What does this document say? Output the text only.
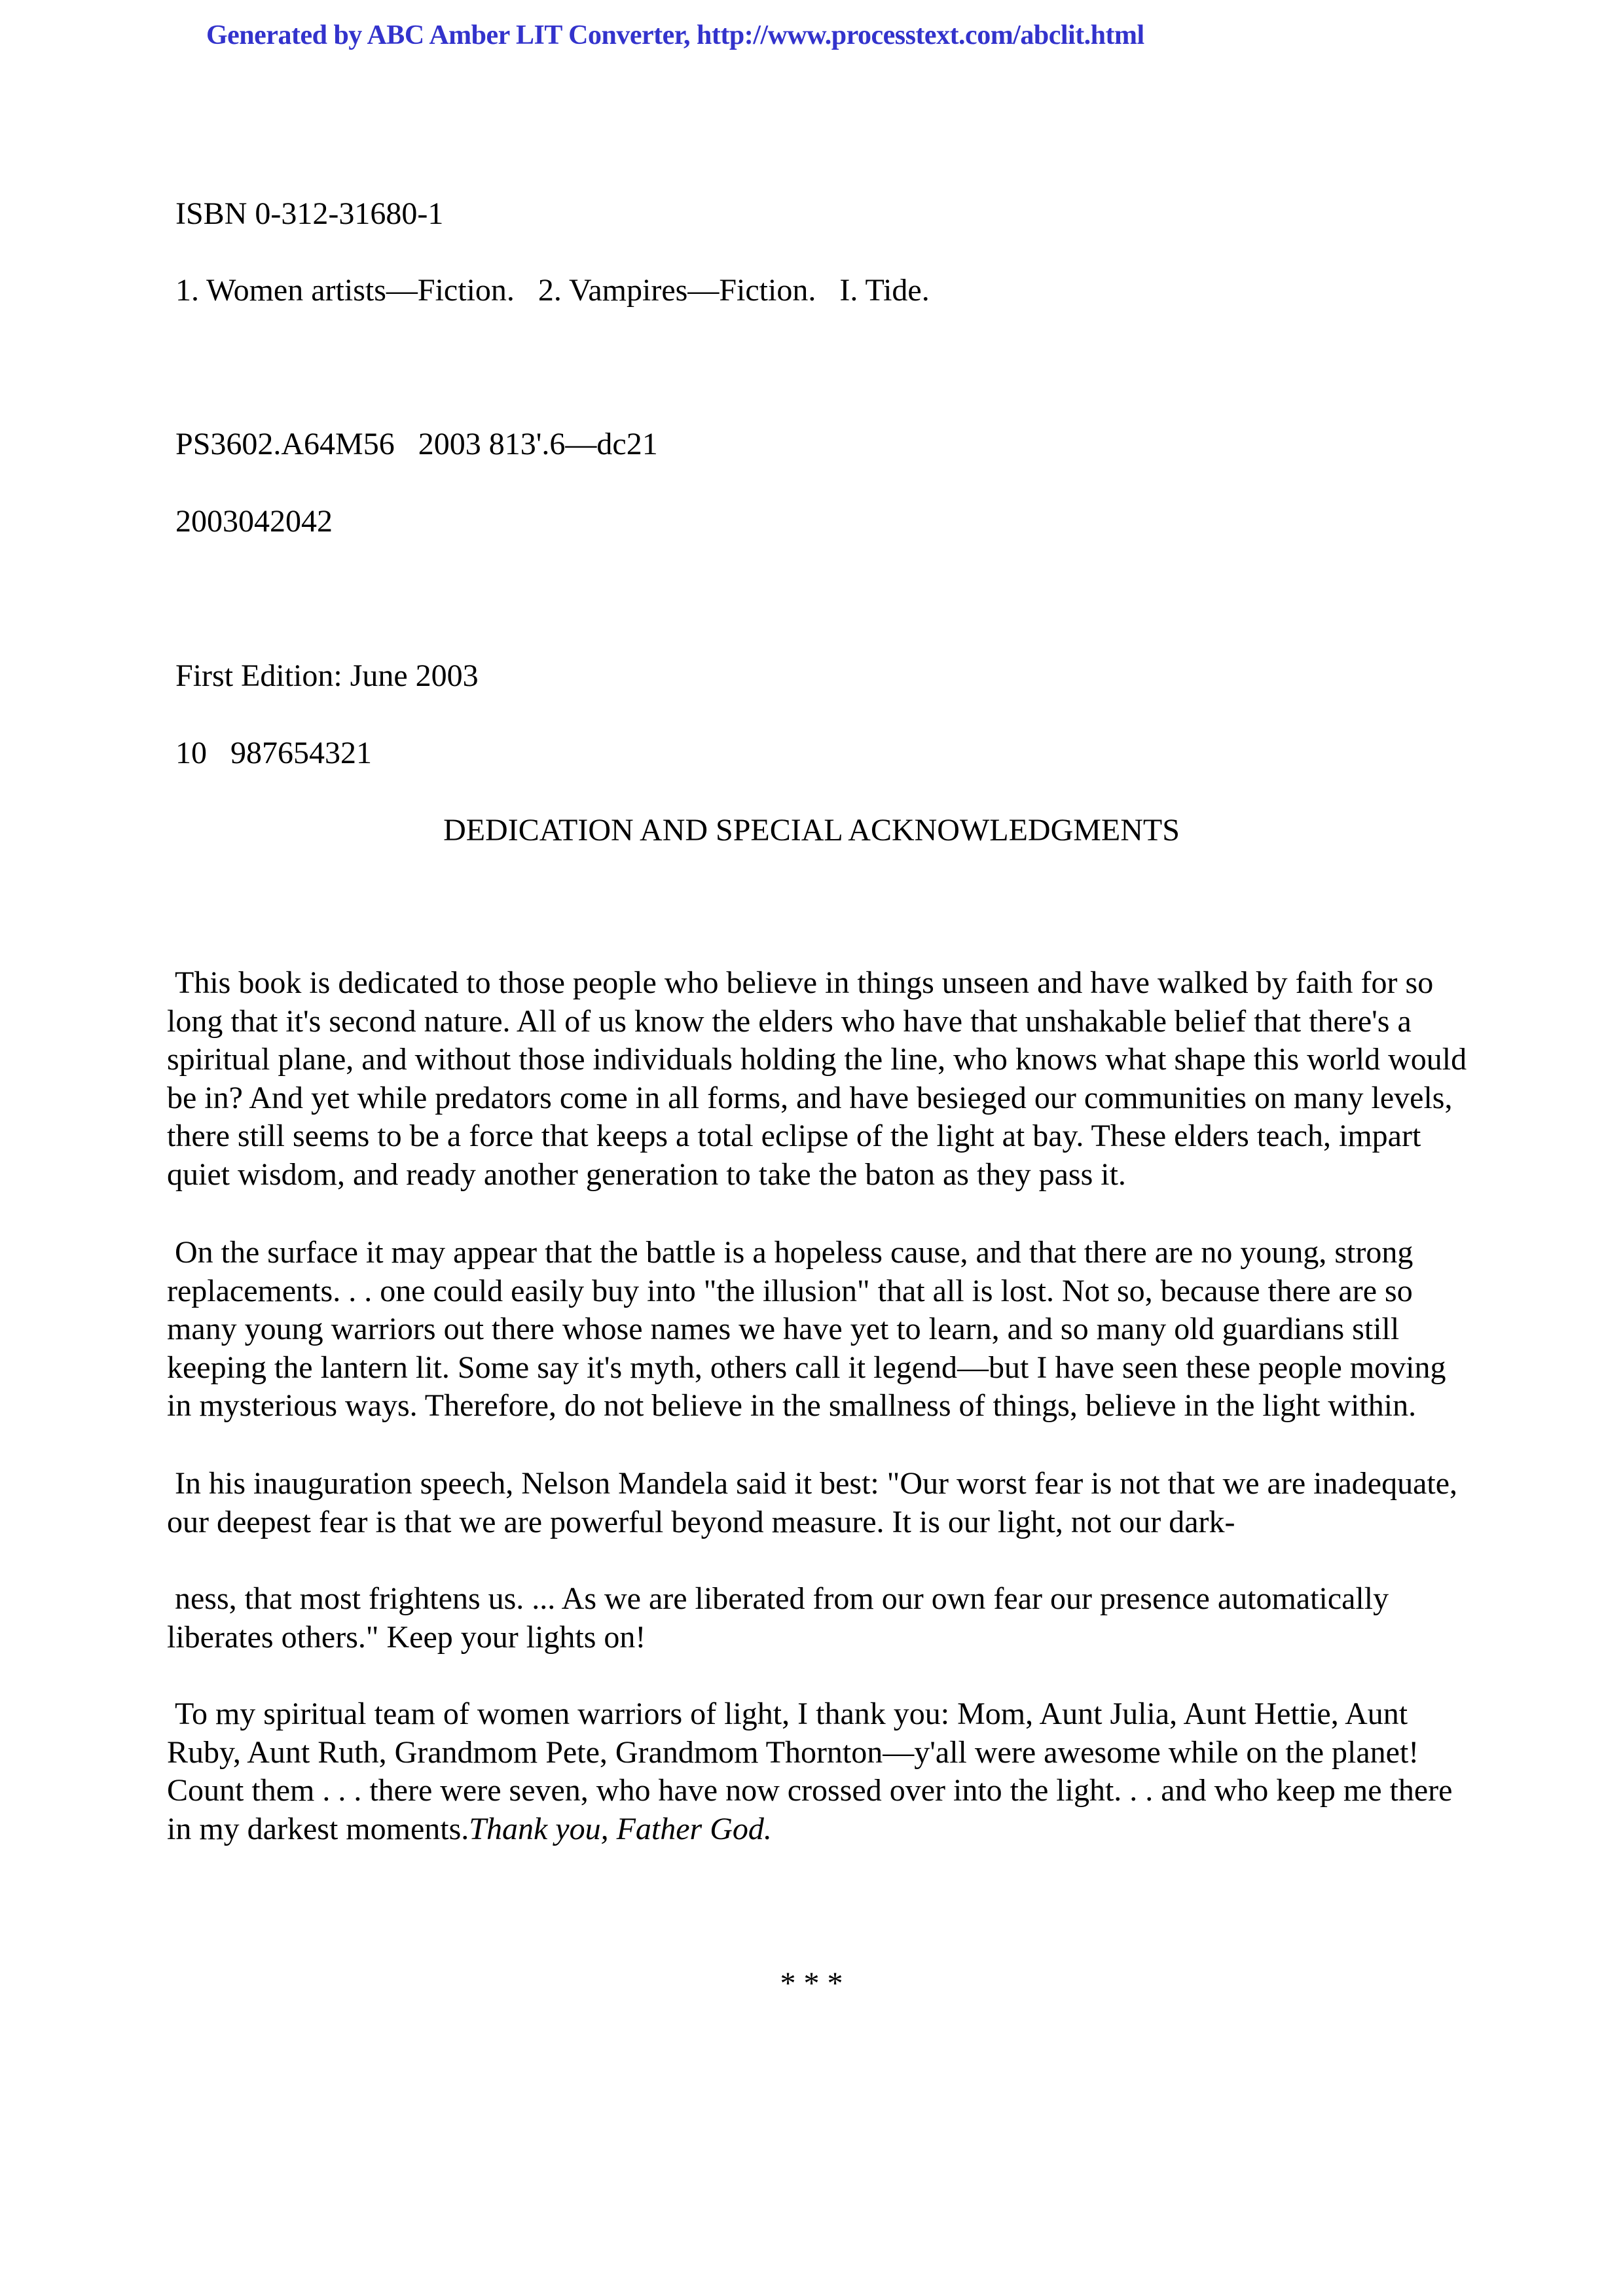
Generated by ABC Amber LIT Converter, http://www.processtext.com/abclit.html
ISBN 0-312-31680-1
1. Women artists—Fiction.   2. Vampires—Fiction.   I. Tide.
PS3602.A64M56   2003 813'.6—dc21
2003042042
First Edition: June 2003
10   987654321
DEDICATION AND SPECIAL ACKNOWLEDGMENTS

This book is dedicated to those people who believe in things unseen and have walked by faith for so long that it's second nature. All of us know the elders who have that unshakable belief that there's a spiritual plane, and without those individuals holding the line, who knows what shape this world would be in? And yet while predators come in all forms, and have besieged our communities on many levels, there still seems to be a force that keeps a total eclipse of the light at bay. These elders teach, impart quiet wisdom, and ready another generation to take the baton as they pass it.

On the surface it may appear that the battle is a hopeless cause, and that there are no young, strong replacements. . . one could easily buy into "the illusion" that all is lost. Not so, because there are so many young warriors out there whose names we have yet to learn, and so many old guardians still keeping the lantern lit. Some say it's myth, others call it legend—but I have seen these people moving in mysterious ways. Therefore, do not believe in the smallness of things, believe in the light within.

In his inauguration speech, Nelson Mandela said it best: "Our worst fear is not that we are inadequate, our deepest fear is that we are powerful beyond measure. It is our light, not our dark-

ness, that most frightens us. ... As we are liberated from our own fear our presence automatically liberates others." Keep your lights on!

To my spiritual team of women warriors of light, I thank you: Mom, Aunt Julia, Aunt Hettie, Aunt Ruby, Aunt Ruth, Grandmom Pete, Grandmom Thornton—y'all were awesome while on the planet! Count them . . . there were seven, who have now crossed over into the light. . . and who keep me there in my darkest moments.Thank you, Father God.

* * *
